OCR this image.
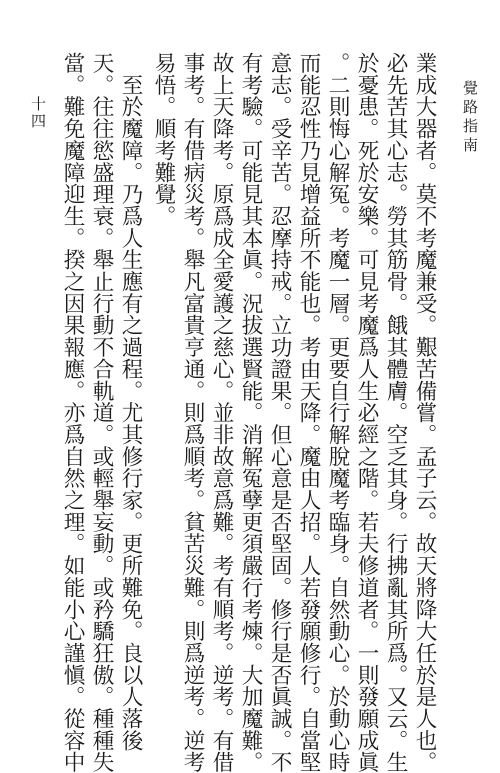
覺路指南
十四	業成大器者。莫不考魔兼受。艱苦備嘗。孟子云。故天將降大任於是人也。
必先苦其心志。勞其筋骨。餓其體膚。空乏其身。行拂亂其所爲。又云。生
於憂患。死於安樂。可見考魔爲人生必經之階。若夫修道者。一則發願成眞
。二則悔心解冤。考魔一層。更要自行解脫魔考臨身。自然動心。於動心時
而能忍性乃見增益所不能也。考由天降。魔由人招。人若發願修行。自當堅
意志。受辛苦。忍摩持戒。立功證果。但心意是否堅固。修行是否眞誠。不
有考驗。可能見其本眞。況拔選賢能。消解冤孽更須嚴行考煉。大加魔難。
故上天降考。原爲成全愛護之慈心。並非故意爲難。考有順考。逆考。有借
事考。有借病災考。舉凡富貴亨通。則爲順考。貧苦災難。則爲逆考。逆考
易悟。順考難覺。
　至於魔障。乃爲人生應有之過程。尤其修行家。更所難免。良以人落後
天。往往慾盛理衰。舉止行動不合軌道。或輕舉妄動。或矜驕狂傲。種種失
當。難免魔障迎生。揆之因果報應。亦爲自然之理。如能小心謹愼。從容中
